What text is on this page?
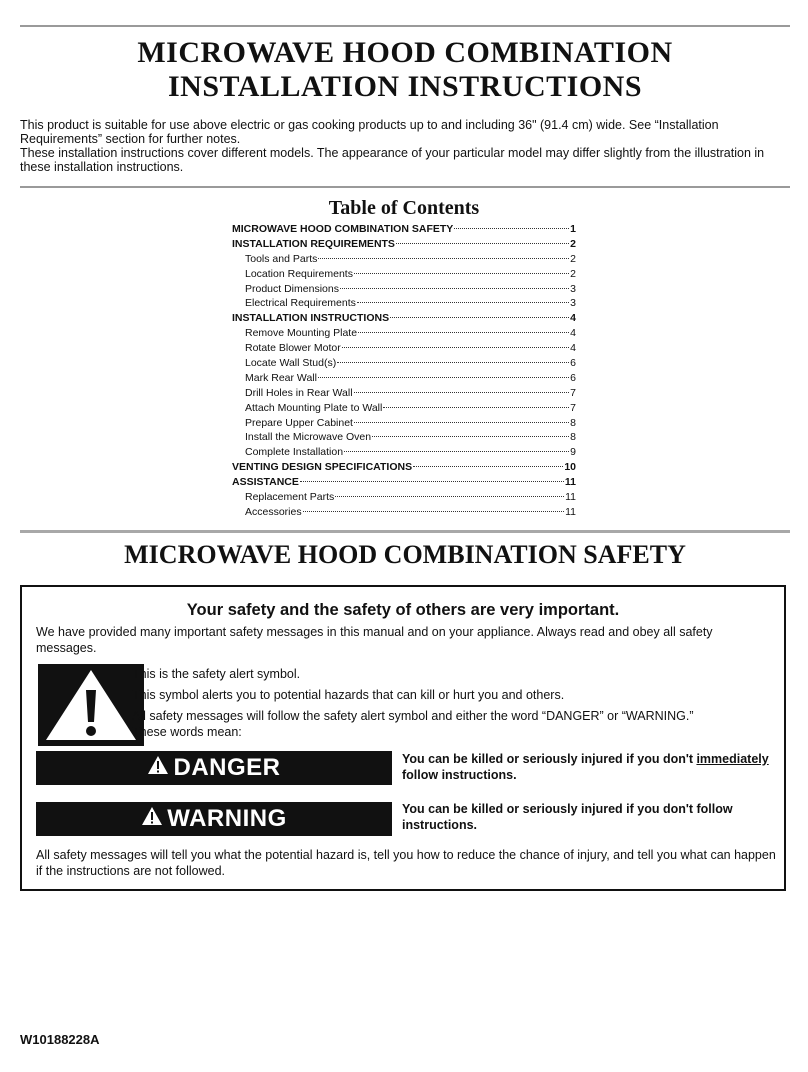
MICROWAVE HOOD COMBINATION
INSTALLATION INSTRUCTIONS

This product is suitable for use above electric or gas cooking products up to and including 36" (91.4 cm) wide. See “Installation Requirements” section for further notes.

These installation instructions cover different models. The appearance of your particular model may differ slightly from the illustration in these installation instructions.

Table of Contents
MICROWAVE HOOD COMBINATION SAFETY	1
INSTALLATION REQUIREMENTS	2
Tools and Parts	2
Location Requirements	2
Product Dimensions	3
Electrical Requirements	3
INSTALLATION INSTRUCTIONS	4
Remove Mounting Plate	4
Rotate Blower Motor	4
Locate Wall Stud(s)	6
Mark Rear Wall	6
Drill Holes in Rear Wall	7
Attach Mounting Plate to Wall	7
Prepare Upper Cabinet	8
Install the Microwave Oven	8
Complete Installation	9
VENTING DESIGN SPECIFICATIONS	10
ASSISTANCE	11
Replacement Parts	11
Accessories	11
MICROWAVE HOOD COMBINATION SAFETY

Your safety and the safety of others are very important.

We have provided many important safety messages in this manual and on your appliance. Always read and obey all safety messages.

This is the safety alert symbol.

This symbol alerts you to potential hazards that can kill or hurt you and others.

All safety messages will follow the safety alert symbol and either the word “DANGER” or “WARNING.”

These words mean:

DANGER	You can be killed or seriously injured if you don't immediately follow instructions.

WARNING	You can be killed or seriously injured if you don't follow instructions.

All safety messages will tell you what the potential hazard is, tell you how to reduce the chance of injury, and tell you what can happen if the instructions are not followed.

W10188228A
